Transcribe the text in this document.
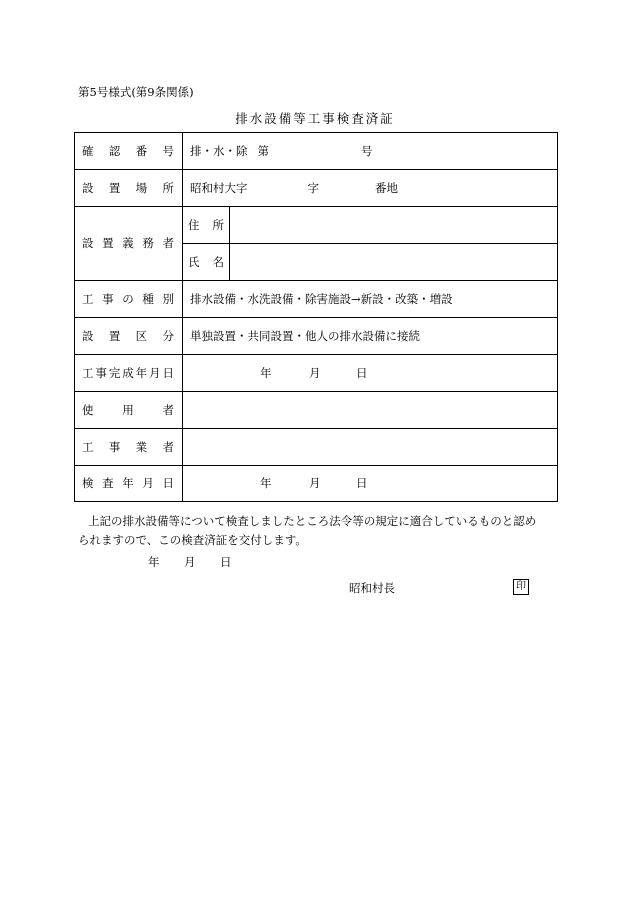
第5号様式(第9条関係)
排水設備等工事検査済証
確 認 番 号 排・水・除 第	号
設 置 場 所 昭和村大字	字	番地
設 置 義 務 者
住 所
氏 名
工 事 の 種 別 排水設備・水洗設備・除害施設→新設・改築・増設
設 置 区 分 単独設置・共同設置・他人の排水設備に接続
工 事 完 成 年 月 日	年	月	日
使	用	者
工 事 業 者
検 査 年 月 日	年	月	日
上記の排水設備等について検査しましたところ法令等の規定に適合しているものと認め
られますので、この検査済証を交付します。
年 月 日
昭和村長	印
